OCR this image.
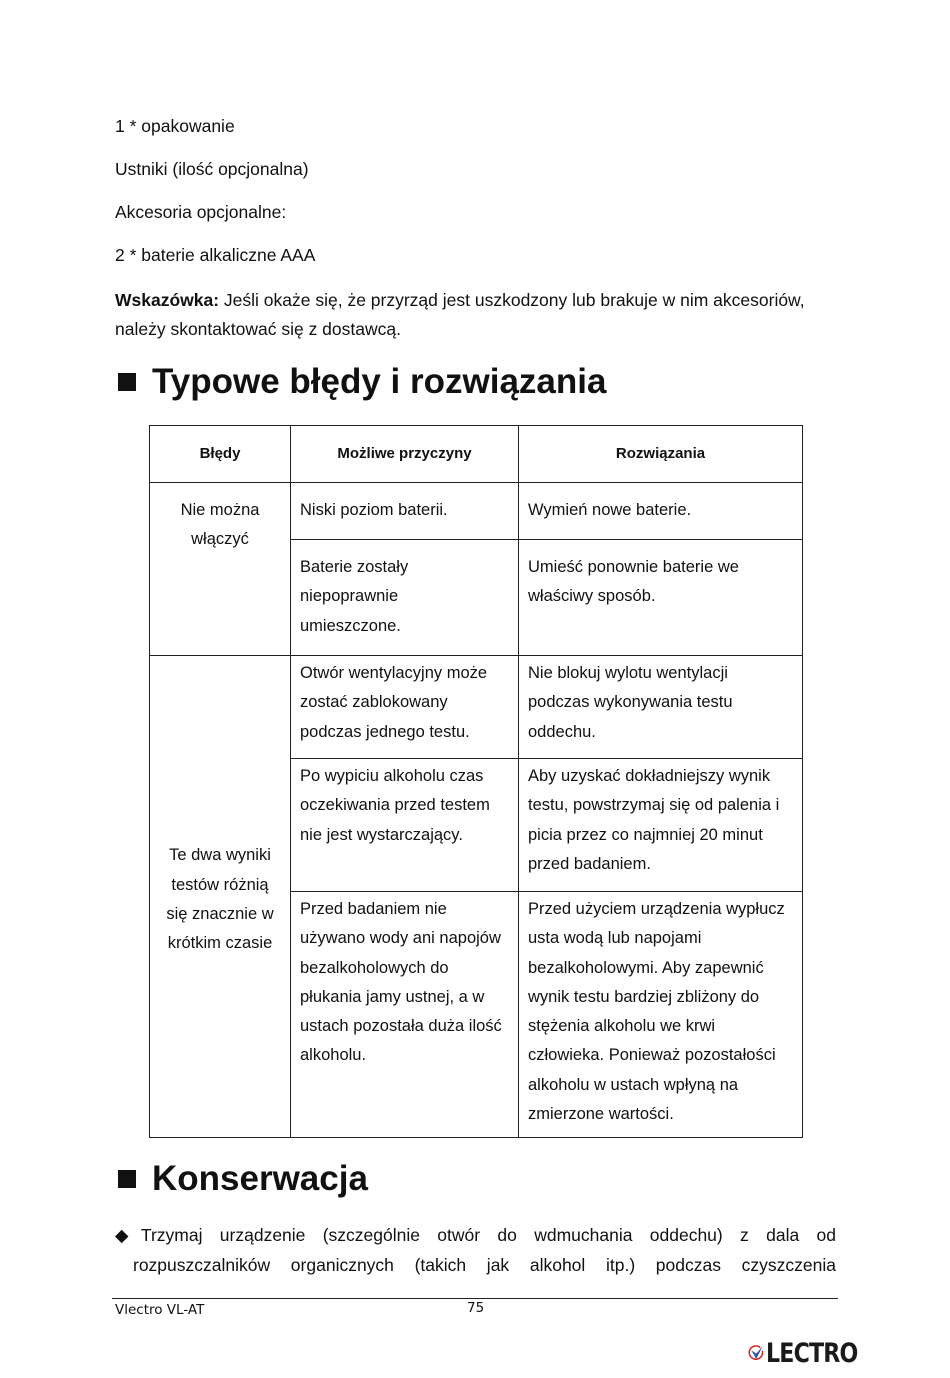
1 * opakowanie
Ustniki (ilość opcjonalna)
Akcesoria opcjonalne:
2 * baterie alkaliczne AAA
Wskazówka: Jeśli okaże się, że przyrząd jest uszkodzony lub brakuje w nim akcesoriów, należy skontaktować się z dostawcą.
Typowe błędy i rozwiązania
Błędy	Możliwe przyczyny	Rozwiązania
Nie można włączyć	Niski poziom baterii.	Wymień nowe baterie.
	Baterie zostały niepoprawnie umieszczone.	Umieść ponownie baterie we właściwy sposób.
Te dwa wyniki testów różnią się znacznie w krótkim czasie	Otwór wentylacyjny może zostać zablokowany podczas jednego testu.	Nie blokuj wylotu wentylacji podczas wykonywania testu oddechu.
	Po wypiciu alkoholu czas oczekiwania przed testem nie jest wystarczający.	Aby uzyskać dokładniejszy wynik testu, powstrzymaj się od palenia i picia przez co najmniej 20 minut przed badaniem.
	Przed badaniem nie używano wody ani napojów bezalkoholowych do płukania jamy ustnej, a w ustach pozostała duża ilość alkoholu.	Przed użyciem urządzenia wypłucz usta wodą lub napojami bezalkoholowymi. Aby zapewnić wynik testu bardziej zbliżony do stężenia alkoholu we krwi człowieka. Ponieważ pozostałości alkoholu w ustach wpłyną na zmierzone wartości.
Konserwacja
◆Trzymaj urządzenie (szczególnie otwór do wdmuchania oddechu) z dala od
rozpuszczalników organicznych (takich jak alkohol itp.) podczas czyszczenia
Vlectro VL-AT	75
LECTRO
